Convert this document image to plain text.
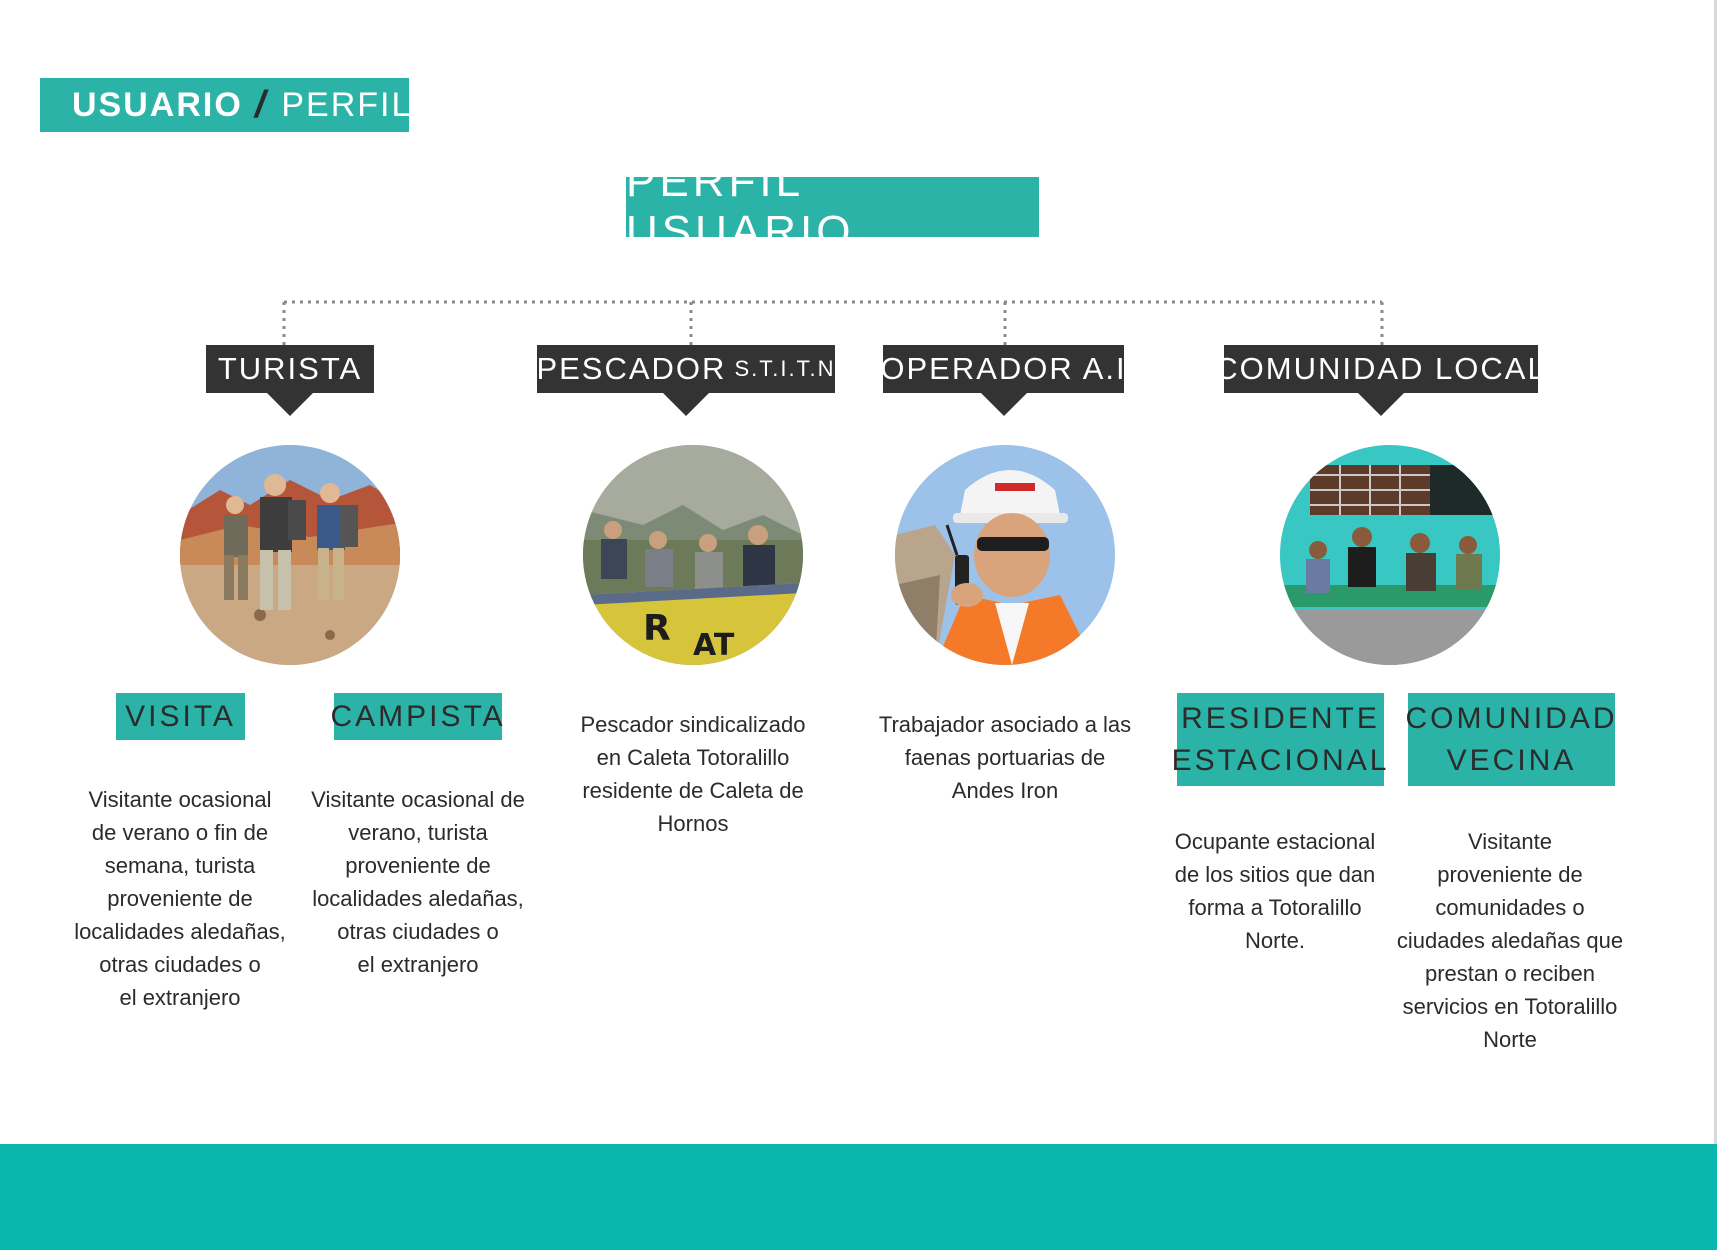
USUARIO / PERFIL
PERFIL USUARIO
TURISTA	PESCADOR S.T.I.T.N OPERADOR A.I	COMUNIDAD LOCAL
R AT
VISITA	CAMPISTA
Visitante ocasional
de verano o fin de
semana, turista
proveniente de
localidades aledañas,
otras ciudades o
el extranjero
Visitante ocasional de
verano, turista
proveniente de
localidades aledañas,
otras ciudades o
el extranjero
Pescador sindicalizado
en Caleta Totoralillo
residente de Caleta de
Hornos
Trabajador asociado a las
faenas portuarias de
Andes Iron
RESIDENTE
ESTACIONAL
COMUNIDAD
VECINA
Ocupante estacional
de los sitios que dan
forma a Totoralillo
Norte.
Visitante
proveniente de
comunidades o
ciudades aledañas que
prestan o reciben
servicios en Totoralillo
Norte
